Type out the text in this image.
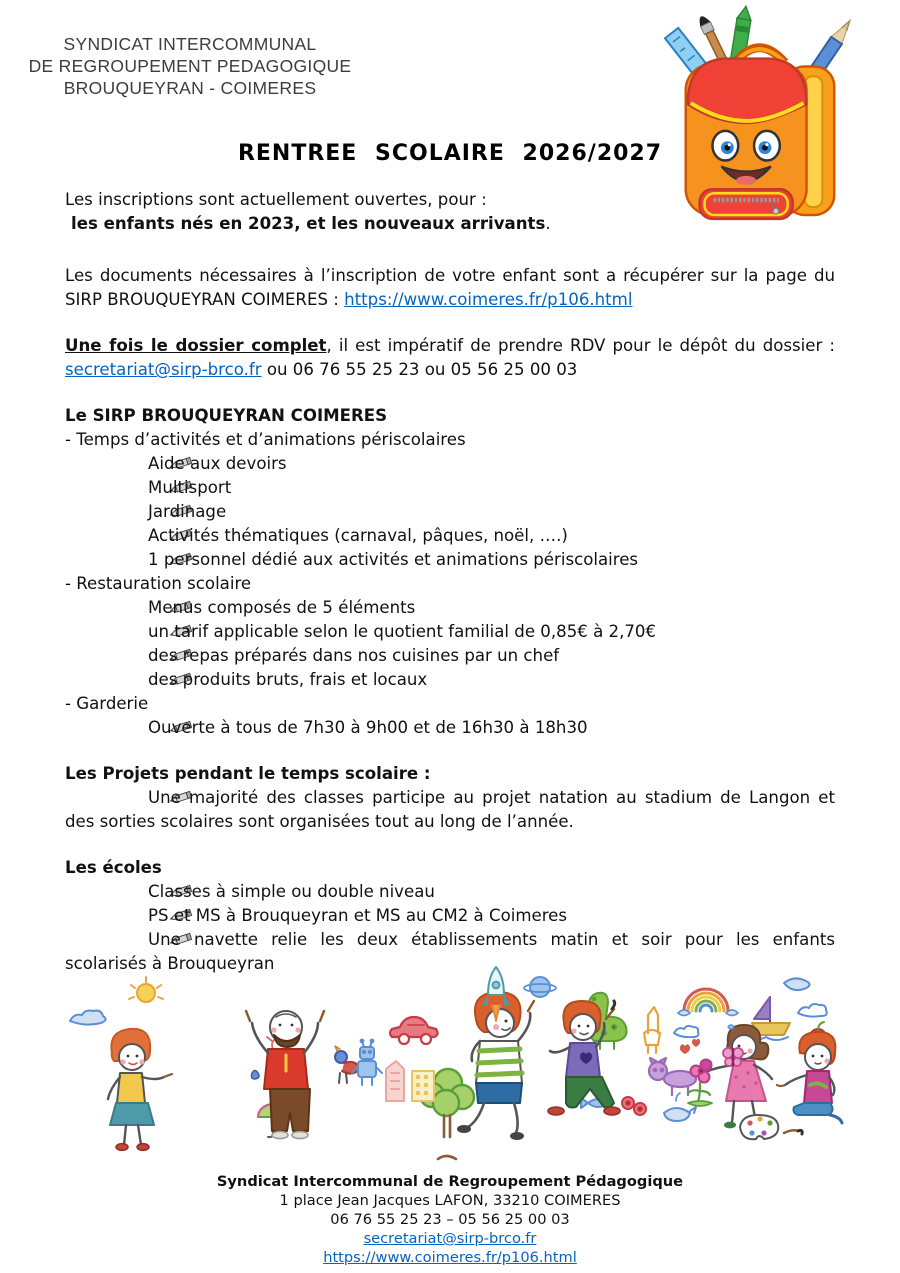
SYNDICAT INTERCOMMUNAL
DE REGROUPEMENT PEDAGOGIQUE
BROUQUEYRAN - COIMERES
RENTREE SCOLAIRE 2026/2027

Les inscriptions sont actuellement ouvertes, pour :
les enfants nés en 2023, et les nouveaux arrivants.

Les documents nécessaires à l’inscription de votre enfant sont a récupérer sur la page du SIRP BROUQUEYRAN COIMERES : https://www.coimeres.fr/p106.html

Une fois le dossier complet, il est impératif de prendre RDV pour le dépôt du dossier : secretariat@sirp-brco.fr ou 06 76 55 25 23 ou 05 56 25 00 03

Le SIRP BROUQUEYRAN COIMERES

- Temps d’activités et d’animations périscolaires

Aide aux devoirs

Multisport

Jardinage

Activités thématiques (carnaval, pâques, noël, ….)

1 personnel dédié aux activités et animations périscolaires

- Restauration scolaire

Menus composés de 5 éléments

un tarif applicable selon le quotient familial de 0,85€ à 2,70€

des repas préparés dans nos cuisines par un chef

des produits bruts, frais et locaux

- Garderie

Ouverte à tous de 7h30 à 9h00 et de 16h30 à 18h30

Les Projets pendant le temps scolaire :

Une majorité des classes participe au projet natation au stadium de Langon et des sorties scolaires sont organisées tout au long de l’année.

Les écoles

Classes à simple ou double niveau

PS et MS à Brouqueyran et MS au CM2 à Coimeres

Une navette relie les deux établissements matin et soir pour les enfants scolarisés à Brouqueyran

Syndicat Intercommunal de Regroupement Pédagogique
1 place Jean Jacques LAFON, 33210 COIMERES
06 76 55 25 23 – 05 56 25 00 03
secretariat@sirp-brco.fr
https://www.coimeres.fr/p106.html
